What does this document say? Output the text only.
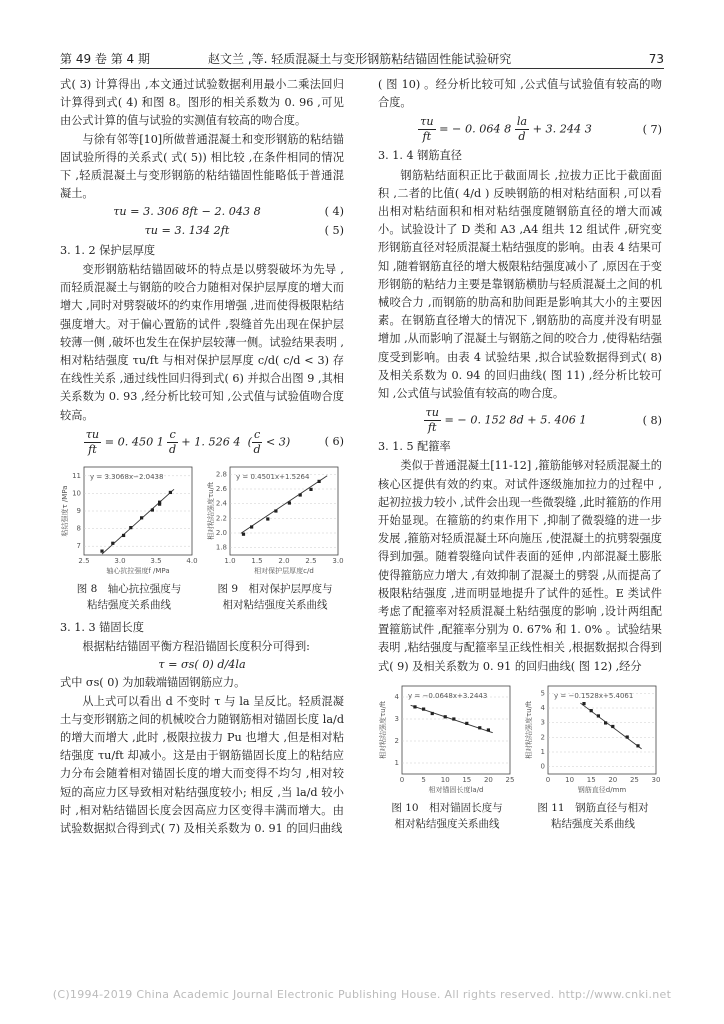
第 49 卷 第 4 期	赵文兰 ,等. 轻质混凝土与变形钢筋粘结锚固性能试验研究	73

式( 3) 计算得出 ,本文通过试验数据利用最小二乘法回归计算得到式( 4) 和图 8。图形的相关系数为 0. 96 ,可见由公式计算的值与试验的实测值有较高的吻合度。

与徐有邻等[10]所做普通混凝土和变形钢筋的粘结锚固试验所得的关系式( 式( 5)) 相比较 ,在条件相同的情况下 ,轻质混凝土与变形钢筋的粘结锚固性能略低于普通混凝土。

τu = 3. 306 8ft − 2. 043 8	( 4)
τu = 3. 134 2ft	( 5)

3. 1. 2 保护层厚度

变形钢筋粘结锚固破坏的特点是以劈裂破坏为先导 ,而轻质混凝土与钢筋的咬合力随相对保护层厚度的增大而增大 ,同时对劈裂破坏的约束作用增强 ,进而使得极限粘结强度增大。对于偏心置筋的试件 ,裂缝首先出现在保护层较薄一侧 ,破坏也发生在保护层较薄一侧。试验结果表明 ,相对粘结强度 τu/ft 与相对保护层厚度 c/d( c/d < 3) 存在线性关系 ,通过线性回归得到式( 6) 并拟合出图 9 ,其相关系数为 0. 93 ,经分析比较可知 ,公式值与试验值吻合度较高。

$\frac{\tau u}{ft} = 0$. 450 $1 \frac{c}{d} + 1$. 526 4  ( $\frac{c}{d} < 3$)	( 6)
7
8
9
10
11
2.5	3.0	3.5	4.0
y = 3.3068x−2.0438
轴心抗拉强度f /MPa
粘结强度τ /MPa
图 8　轴心抗拉强度与
粘结强度关系曲线
1.8
2.0
2.2
2.4
2.6
2.8
1.0 1.5 2.0 2.5 3.0
y = 0.4501x+1.5264
相对保护层厚度c/d
相对粘结强度τu/ft
图 9　相对保护层厚度与
相对粘结强度关系曲线

3. 1. 3 锚固长度

根据粘结锚固平衡方程沿锚固长度积分可得到:

τ = σs( 0) d/4la

式中 σs( 0) 为加载端锚固钢筋应力。

从上式可以看出 d 不变时 τ 与 la 呈反比。轻质混凝土与变形钢筋之间的机械咬合力随钢筋相对锚固长度 la/d 的增大而增大 ,此时 ,极限拉拔力 Pu 也增大 ,但是相对粘结强度 τu/ft 却减小。这是由于钢筋锚固长度上的粘结应力分布会随着相对锚固长度的增大而变得不均匀 ,相对较短的高应力区导致相对粘结强度较小; 相反 ,当 la/d 较小时 ,相对粘结锚固长度会因高应力区变得丰满而增大。由试验数据拟合得到式( 7) 及相关系数为 0. 91 的回归曲线

( 图 10) 。经分析比较可知 ,公式值与试验值有较高的吻合度。

$\frac{\tau u}{ft}$ = − 0. 064 $8 \frac{la}{d} + 3$. 244 3	( 7)

3. 1. 4 钢筋直径

钢筋粘结面积正比于截面周长 ,拉拔力正比于截面面积 ,二者的比值( 4/d ) 反映钢筋的相对粘结面积 ,可以看出相对粘结面积和相对粘结强度随钢筋直径的增大而减小。试验设计了 D 类和 A3 ,A4 组共 12 组试件 ,研究变形钢筋直径对轻质混凝土粘结强度的影响。由表 4 结果可知 ,随着钢筋直径的增大极限粘结强度减小了 ,原因在于变形钢筋的粘结力主要是靠钢筋横肋与轻质混凝土之间的机械咬合力 ,而钢筋的肋高和肋间距是影响其大小的主要因素。在钢筋直径增大的情况下 ,钢筋肋的高度并没有明显增加 ,从而影响了混凝土与钢筋之间的咬合力 ,使得粘结强度受到影响。由表 4 试验结果 ,拟合试验数据得到式( 8) 及相关系数为 0. 94 的回归曲线( 图 11) ,经分析比较可知 ,公式值与试验值有较高的吻合度。

$\frac{\tau u}{ft}$ = − 0. 152 8d + 5. 406 1	( 8)

3. 1. 5 配箍率

类似于普通混凝土[11-12] ,箍筋能够对轻质混凝土的核心区提供有效的约束。对试件逐级施加拉力的过程中 ,起初拉拔力较小 ,试件会出现一些微裂缝 ,此时箍筋的作用开始显现。在箍筋的约束作用下 ,抑制了微裂缝的进一步发展 ,箍筋对轻质混凝土环向施压 ,使混凝土的抗劈裂强度得到加强。随着裂缝向试件表面的延伸 ,内部混凝土膨胀使得箍筋应力增大 ,有效抑制了混凝土的劈裂 ,从而提高了极限粘结强度 ,进而明显地提升了试件的延性。E 类试件考虑了配箍率对轻质混凝土粘结强度的影响 ,设计两组配置箍筋试件 ,配箍率分别为 0. 67% 和 1. 0% 。试验结果表明 ,粘结强度与配箍率呈正线性相关 ,根据数据拟合得到式( 9) 及相关系数为 0. 91 的回归曲线( 图 12) ,经分

1
2
3
4
0 5 10 15 20 25
y = −0.0648x+3.2443
相对锚固长度la/d
相对粘结强度τu/ft
图 10　相对锚固长度与
相对粘结强度关系曲线
0
1
2
3
4
5
0 10 15 20 25 30
y = −0.1528x+5.4061
钢筋直径d/mm
相对粘结强度τu/ft
图 11　钢筋直径与相对
粘结强度关系曲线
(C)1994-2019 China Academic Journal Electronic Publishing House. All rights reserved. http://www.cnki.net
